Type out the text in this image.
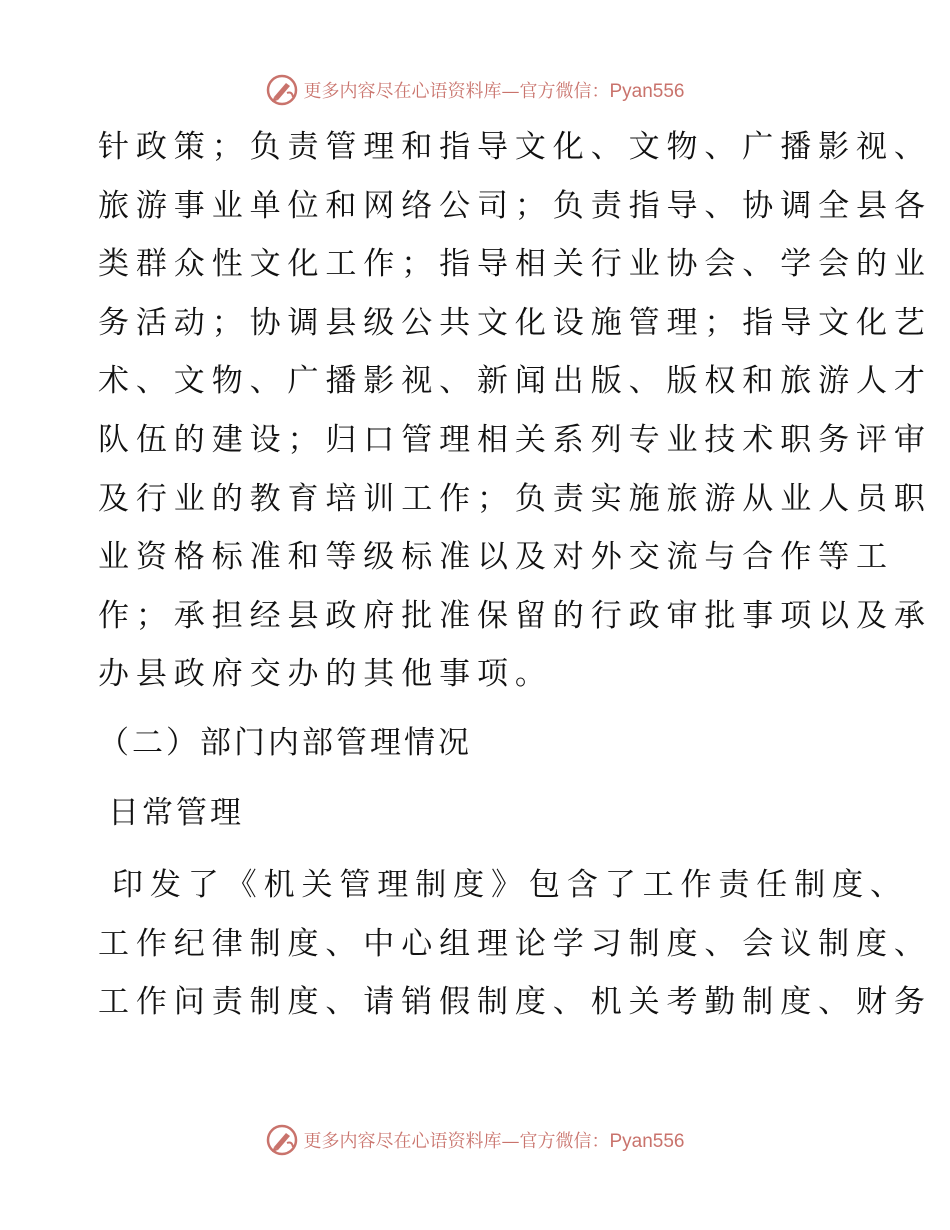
更多内容尽在心语资料库—官方微信：Pyan556
针政策；负责管理和指导文化、文物、广播影视、
旅游事业单位和网络公司；负责指导、协调全县各
类群众性文化工作；指导相关行业协会、学会的业
务活动；协调县级公共文化设施管理；指导文化艺
术、文物、广播影视、新闻出版、版权和旅游人才
队伍的建设；归口管理相关系列专业技术职务评审
及行业的教育培训工作；负责实施旅游从业人员职
业资格标准和等级标准以及对外交流与合作等工
作；承担经县政府批准保留的行政审批事项以及承
办县政府交办的其他事项。
（二）部门内部管理情况
日常管理
印发了《机关管理制度》包含了工作责任制度、
工作纪律制度、中心组理论学习制度、会议制度、
工作问责制度、请销假制度、机关考勤制度、财务
更多内容尽在心语资料库—官方微信：Pyan556
